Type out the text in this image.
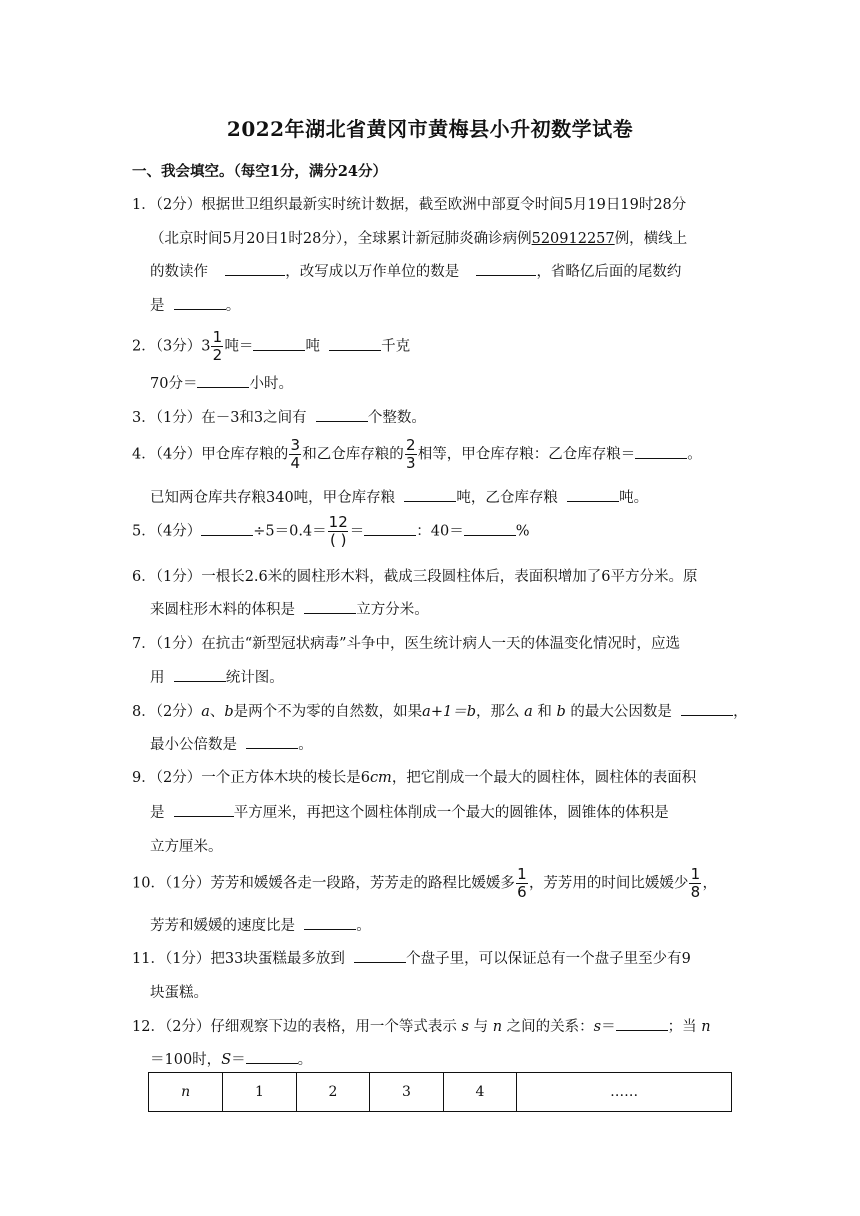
2022年湖北省黄冈市黄梅县小升初数学试卷
一、我会填空。（每空1分，满分24分）
1．（2分）根据世卫组织最新实时统计数据，截至欧洲中部夏令时间5月19日19时28分
（北京时间5月20日1时28分），全球累计新冠肺炎确诊病例520912257例，横线上
的数读作	，改写成以万作单位的数是	，省略亿后面的尾数约
是	。
2．（3分）$3 \frac{1}{2}$ 吨＝	吨	千克
70分＝	小时。
3．（1分）在－3和3之间有	个整数。
4．（4分）甲仓库存粮的 $\frac{3}{4}$ 和乙仓库存粮的 $\frac{2}{3}$ 相等，甲仓库存粮：乙仓库存粮＝	。
已知两仓库共存粮340吨，甲仓库存粮	吨，乙仓库存粮	吨。
5．（4分）	$\div 5=0.4= \frac{12}{( )}$ ＝	：40＝	%
6．（1分）一根长2.6米的圆柱形木料，截成三段圆柱体后，表面积增加了6平方分米。原
来圆柱形木料的体积是	立方分米。
7．（1分）在抗击“新型冠状病毒”斗争中，医生统计病人一天的体温变化情况时，应选
用	统计图。
8．（2分）a、b是两个不为零的自然数，如果a+1＝b，那么 a 和 b 的最大公因数是	，
最小公倍数是	。
9．（2分）一个正方体木块的棱长是6cm，把它削成一个最大的圆柱体，圆柱体的表面积
是	平方厘米，再把这个圆柱体削成一个最大的圆锥体，圆锥体的体积是
立方厘米。
10．（1分）芳芳和媛媛各走一段路，芳芳走的路程比媛媛多 $\frac{1}{6}$ ，芳芳用的时间比媛媛少 $\frac{1}{8}$ ，
芳芳和媛媛的速度比是	。
11．（1分）把33块蛋糕最多放到	个盘子里，可以保证总有一个盘子里至少有9
块蛋糕。
12．（2分）仔细观察下边的表格，用一个等式表示 s 与 n 之间的关系：s＝	；当 n
＝100时，S＝	。
n	1	2	3	4	……
